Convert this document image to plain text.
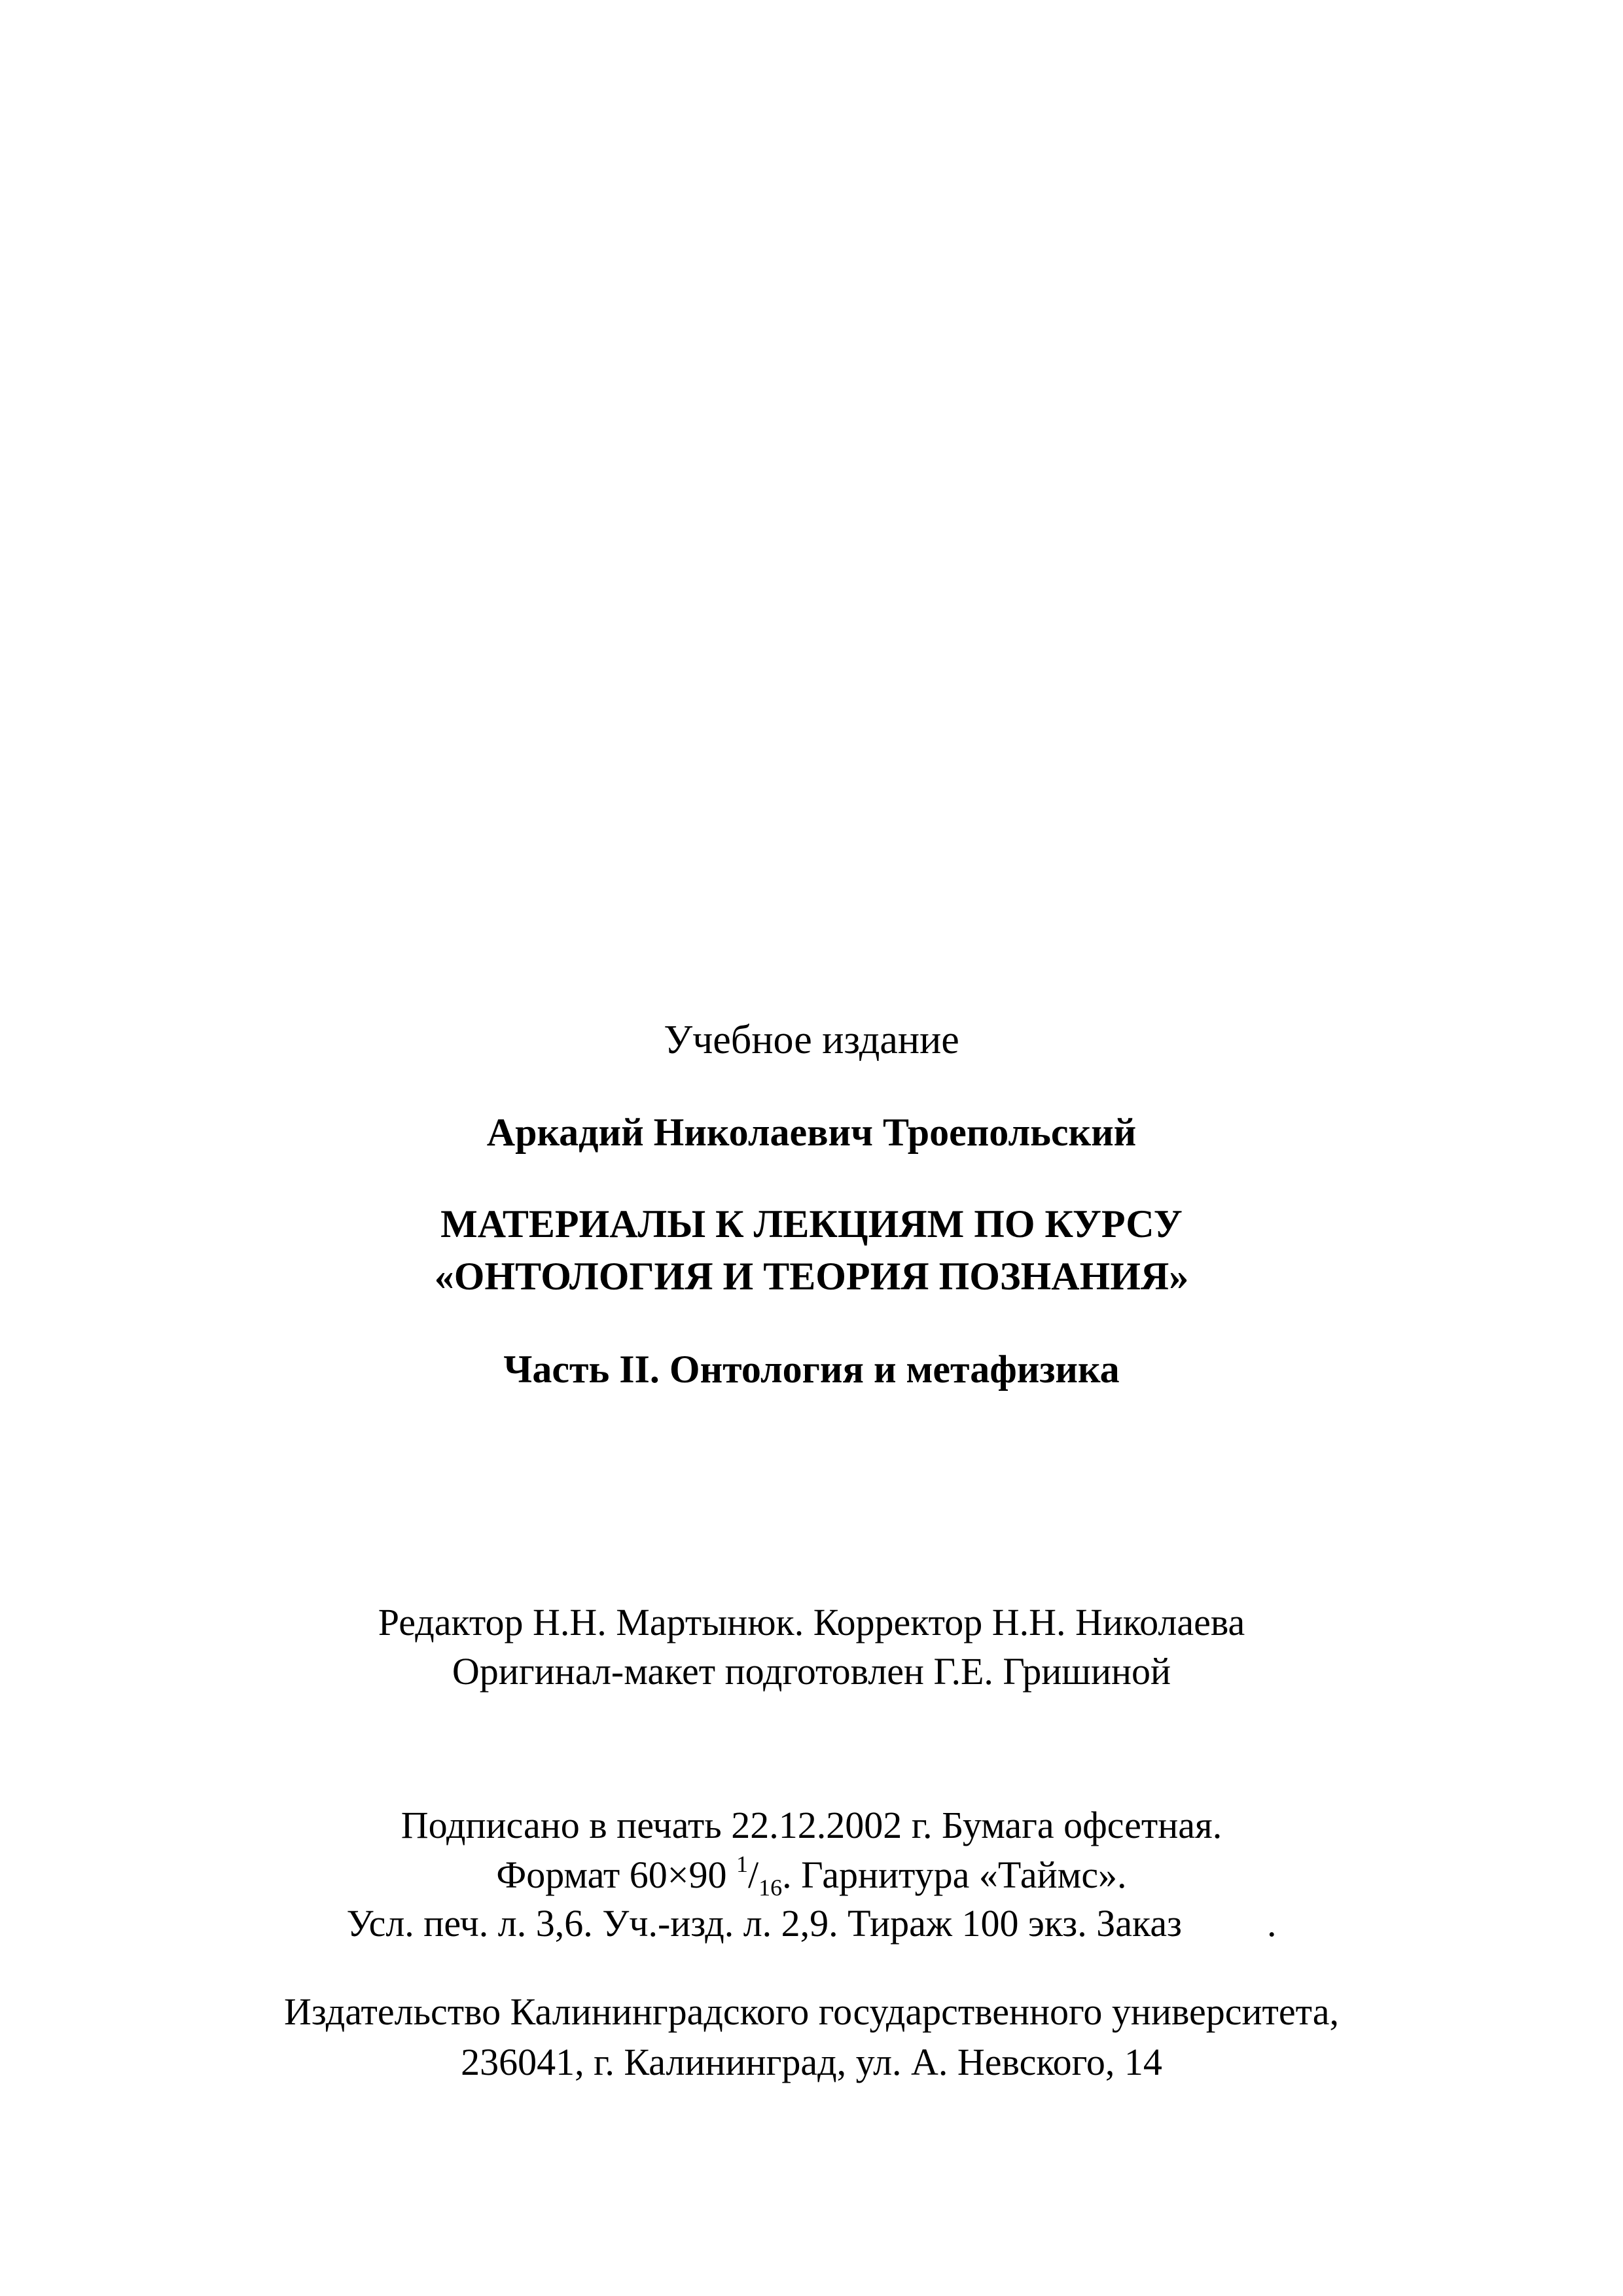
Учебное издание
Аркадий Николаевич Троепольский
МАТЕРИАЛЫ К ЛЕКЦИЯМ ПО КУРСУ
«ОНТОЛОГИЯ И ТЕОРИЯ ПОЗНАНИЯ»
Часть II. Онтология и метафизика
Редактор Н.Н. Мартынюк. Корректор Н.Н. Николаева
Оригинал-макет подготовлен Г.Е. Гришиной
Подписано в печать 22.12.2002 г. Бумага офсетная.
Формат 60×90 $^1/_{16}$. Гарнитура «Таймс».
Усл. печ. л. 3,6. Уч.-изд. л. 2,9. Тираж 100 экз. Заказ .
Издательство Калининградского государственного университета,
236041, г. Калининград, ул. А. Невского, 14
